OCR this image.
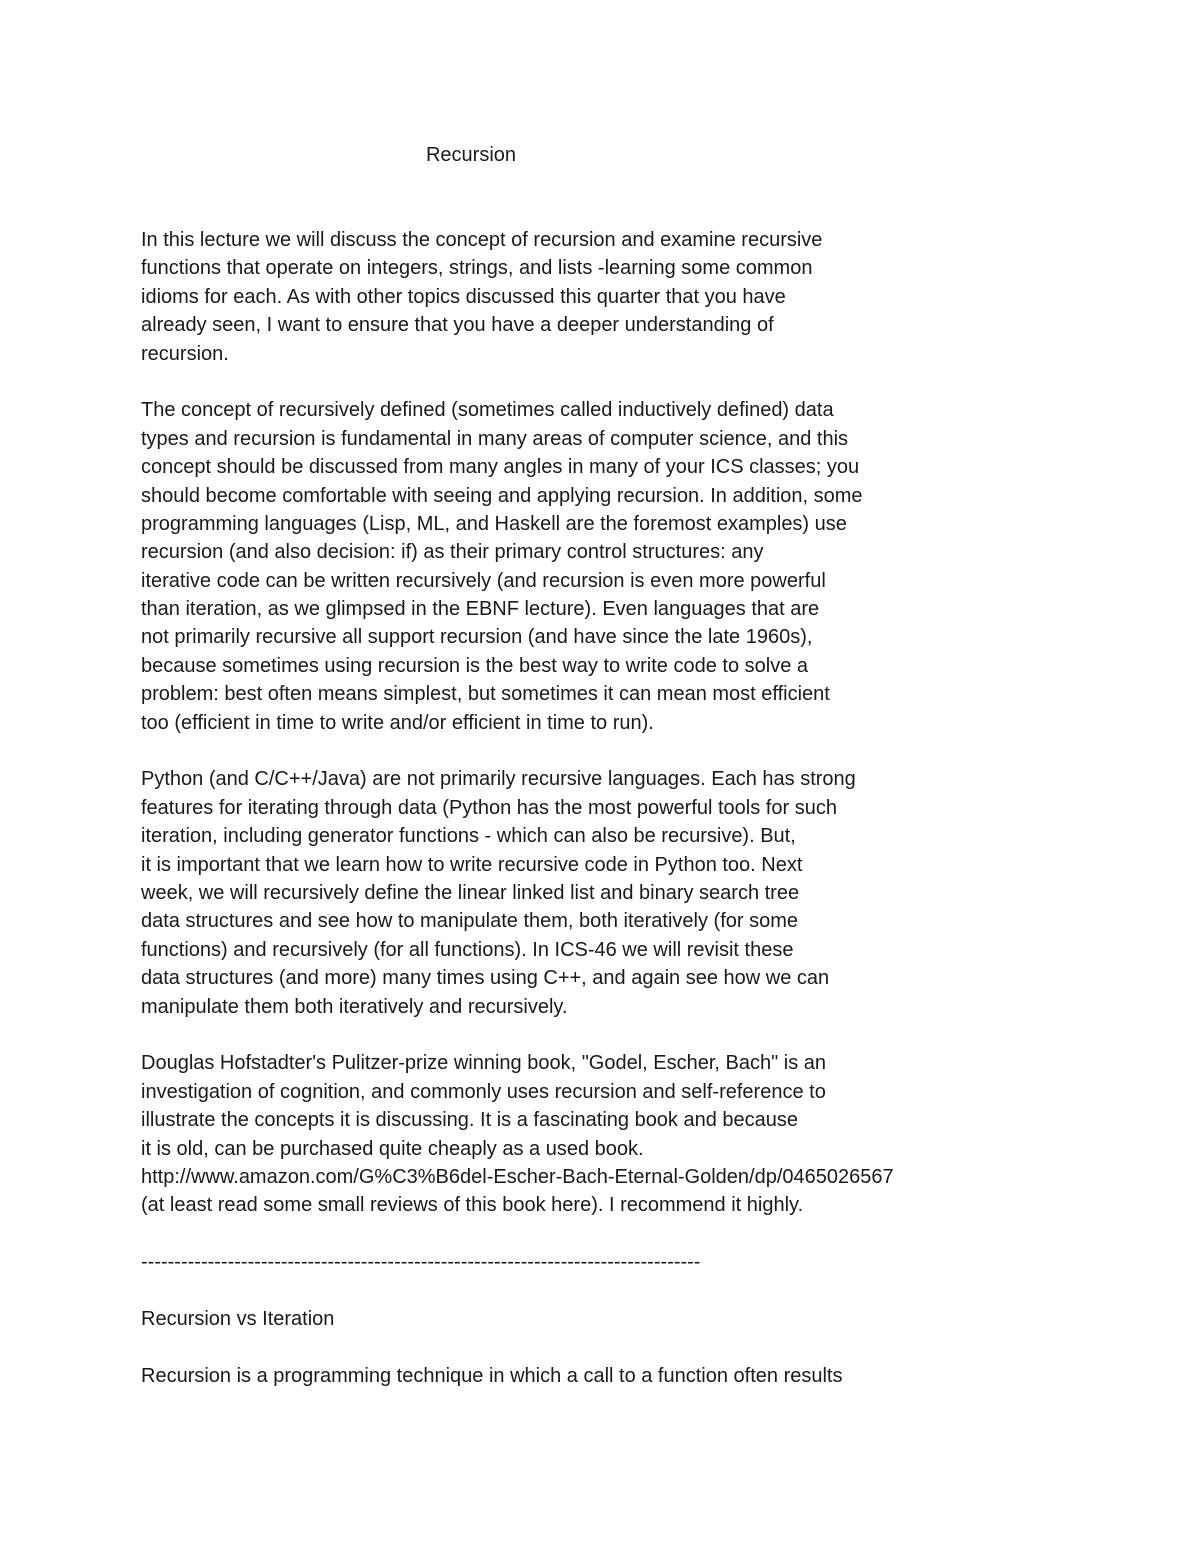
Recursion
In this lecture we will discuss the concept of recursion and examine recursive
functions that operate on integers, strings, and lists -learning some common
idioms for each. As with other topics discussed this quarter that you have
already seen, I want to ensure that you have a deeper understanding of
recursion.
The concept of recursively defined (sometimes called inductively defined) data
types and recursion is fundamental in many areas of computer science, and this
concept should be discussed from many angles in many of your ICS classes; you
should become comfortable with seeing and applying recursion. In addition, some
programming languages (Lisp, ML, and Haskell are the foremost examples) use
recursion (and also decision: if) as their primary control structures: any
iterative code can be written recursively (and recursion is even more powerful
than iteration, as we glimpsed in the EBNF lecture). Even languages that are
not primarily recursive all support recursion (and have since the late 1960s),
because sometimes using recursion is the best way to write code to solve a
problem: best often means simplest, but sometimes it can mean most efficient
too (efficient in time to write and/or efficient in time to run).
Python (and C/C++/Java) are not primarily recursive languages. Each has strong
features for iterating through data (Python has the most powerful tools for such
iteration, including generator functions - which can also be recursive). But,
it is important that we learn how to write recursive code in Python too. Next
week, we will recursively define the linear linked list and binary search tree
data structures and see how to manipulate them, both iteratively (for some
functions) and recursively (for all functions). In ICS-46 we will revisit these
data structures (and more) many times using C++, and again see how we can
manipulate them both iteratively and recursively.
Douglas Hofstadter's Pulitzer-prize winning book, "Godel, Escher, Bach" is an
investigation of cognition, and commonly uses recursion and self-reference to
illustrate the concepts it is discussing. It is a fascinating book and because
it is old, can be purchased quite cheaply as a used book.
http://www.amazon.com/G%C3%B6del-Escher-Bach-Eternal-Golden/dp/0465026567
(at least read some small reviews of this book here). I recommend it highly.
------------------------------------------------------------------------------------
Recursion vs Iteration
Recursion is a programming technique in which a call to a function often results
